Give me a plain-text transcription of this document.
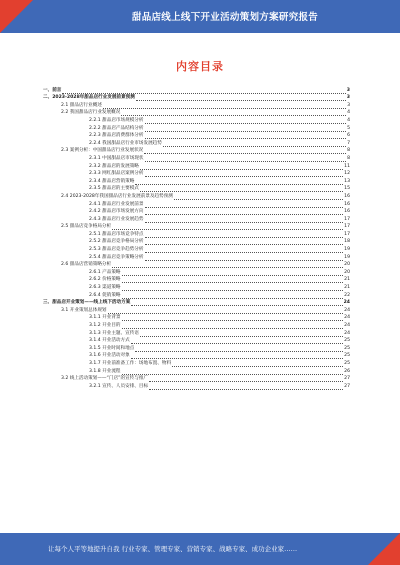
甜品店线上线下开业活动策划方案研究报告
内容目录
一、前言	3
二、2023-2028年甜品店行业发展前景预测	3
2.1 甜品店行业概述	3
2.2 我国甜品店行业发展概况	4
2.2.1 甜品店市场规模分析	4
2.2.2 甜品店产品结构分析	5
2.2.3 甜品店消费群体分析	6
2.2.4 我国甜品店行业市场发展趋势	7
2.3 案例分析：中国甜品店行业发展状况	8
2.3.1 中国甜品店市场现状	8
2.3.2 甜品店的发展策略	11
2.3.3 网红甜品店案例分析	12
2.3.4 甜品店营销策略	13
2.3.5 甜品店的主要模式	15
2.4 2023-2028年我国甜品店行业发展前景及趋势预测	16
2.4.1 甜品店行业发展前景	16
2.4.2 甜品店市场发展方向	16
2.4.3 甜品店行业发展趋势	17
2.5 甜品店竞争格局分析	17
2.5.1 甜品店市场竞争特点	17
2.5.2 甜品店竞争格局分析	18
2.5.3 甜品店竞争趋势分析	19
2.5.4 甜品店竞争策略分析	19
2.6 甜品店营销策略分析	20
2.6.1 产品策略	20
2.6.2 价格策略	21
2.6.3 渠道策略	21
2.6.4 促销策略	22
三、甜品店开业策划——线上线下活动方案	24
3.1 开业策划总体规划	24
3.1.1 开业背景	24
3.1.2 开业目的	24
3.1.3 开业主题、宣传语	24
3.1.4 开业活动方式	25
3.1.5 开业时间和地点	25
3.1.6 开业活动对象	25
3.1.7 开业前准备工作：场地布置、物料	25
3.1.8 开业流程	26
3.2 线上活动策划——“门店”的宣传与推广	27
3.2.1 宣传、人员安排、目标	27
让每个人平等地提升自我 行业专家、管理专家、营销专家、战略专家、成功企业家……
